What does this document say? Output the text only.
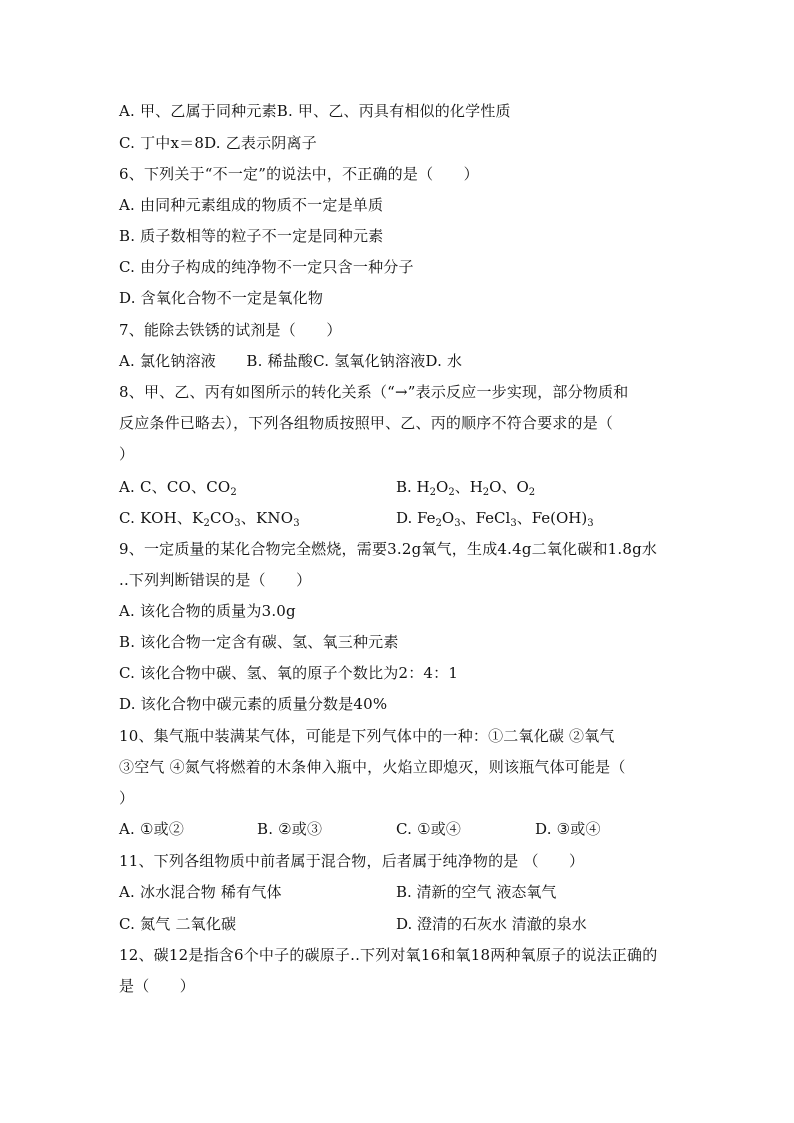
A. 甲、乙属于同种元素B. 甲、乙、丙具有相似的化学性质
C. 丁中x＝8D. 乙表示阴离子
6、下列关于“不一定”的说法中，不正确的是（　　）
A. 由同种元素组成的物质不一定是单质
B. 质子数相等的粒子不一定是同种元素
C. 由分子构成的纯净物不一定只含一种分子
D. 含氧化合物不一定是氧化物
7、能除去铁锈的试剂是（　　）
A. 氯化钠溶液　　B. 稀盐酸C. 氢氧化钠溶液D. 水
8、甲、乙、丙有如图所示的转化关系（“→”表示反应一步实现，部分物质和
反应条件已略去），下列各组物质按照甲、乙、丙的顺序不符合要求的是（
）
A. C、CO、$CO_2$	B. $H_2O_2$、$H_2O$、$O_2$
C. KOH、$K_2CO_3$、$KNO_3$	D. $Fe_2O_3$、FeCl$_3$、$Fe(OH)_3$
9、一定质量的某化合物完全燃烧，需要3.2g氧气，生成4.4g二氧化碳和1.8g水
..下列判断错误的是（　　）
A. 该化合物的质量为3.0g
B. 该化合物一定含有碳、氢、氧三种元素
C. 该化合物中碳、氢、氧的原子个数比为2：4：1
D. 该化合物中碳元素的质量分数是40%
10、集气瓶中装满某气体，可能是下列气体中的一种：①二氧化碳 ②氧气
③空气 ④氮气将燃着的木条伸入瓶中，火焰立即熄灭，则该瓶气体可能是（
）
A. ①或②	B. ②或③	C. ①或④	D. ③或④
11、下列各组物质中前者属于混合物，后者属于纯净物的是 （　　）
A. 冰水混合物 稀有气体	B. 清新的空气 液态氧气
C. 氮气 二氧化碳	D. 澄清的石灰水 清澈的泉水
12、碳12是指含6个中子的碳原子..下列对氧16和氧18两种氧原子的说法正确的
是（　　）
